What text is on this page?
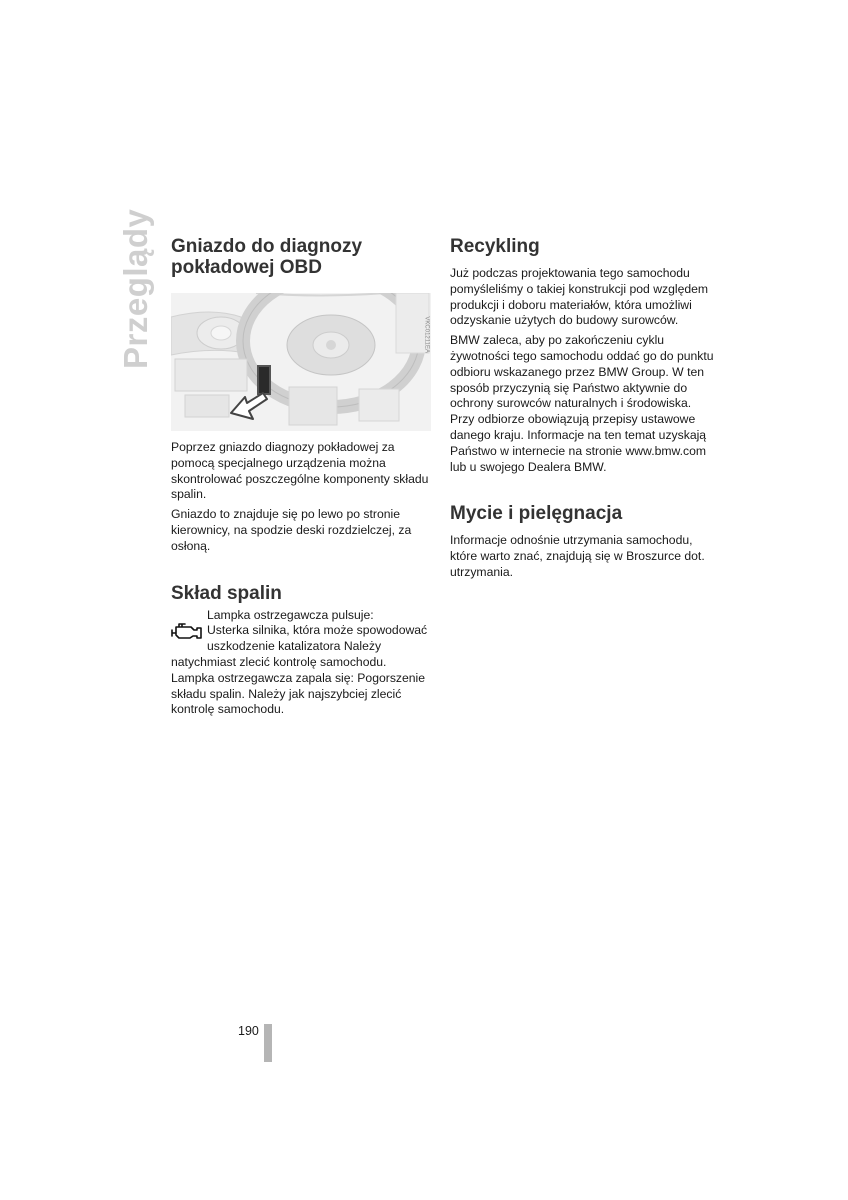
Przeglądy Gniazdo do diagnozy pokładowej OBD
VKC01211EA

Poprzez gniazdo diagnozy pokładowej za pomocą specjalnego urządzenia można skontrolować poszczególne komponenty składu spalin.

Gniazdo to znajduje się po lewo po stronie kierownicy, na spodzie deski rozdzielczej, za osłoną.

Skład spalin

Lampka ostrzegawcza pulsuje:

Usterka silnika, która może spowodować uszkodzenie katalizatora Należy

natychmiast zlecić kontrolę samochodu. Lampka ostrzegawcza zapala się: Pogorszenie składu spalin. Należy jak najszybciej zlecić kontrolę samochodu.

Recykling

Już podczas projektowania tego samochodu pomyśleliśmy o takiej konstrukcji pod względem produkcji i doboru materiałów, która umożliwi odzyskanie użytych do budowy surowców.

BMW zaleca, aby po zakończeniu cyklu żywotności tego samochodu oddać go do punktu odbioru wskazanego przez BMW Group. W ten sposób przyczynią się Państwo aktywnie do ochrony surowców naturalnych i środowiska. Przy odbiorze obowiązują przepisy ustawowe danego kraju. Informacje na ten temat uzyskają Państwo w internecie na stronie www.bmw.com lub u swojego Dealera BMW.

Mycie i pielęgnacja

Informacje odnośnie utrzymania samochodu, które warto znać, znajdują się w Broszurce dot. utrzymania.

190
